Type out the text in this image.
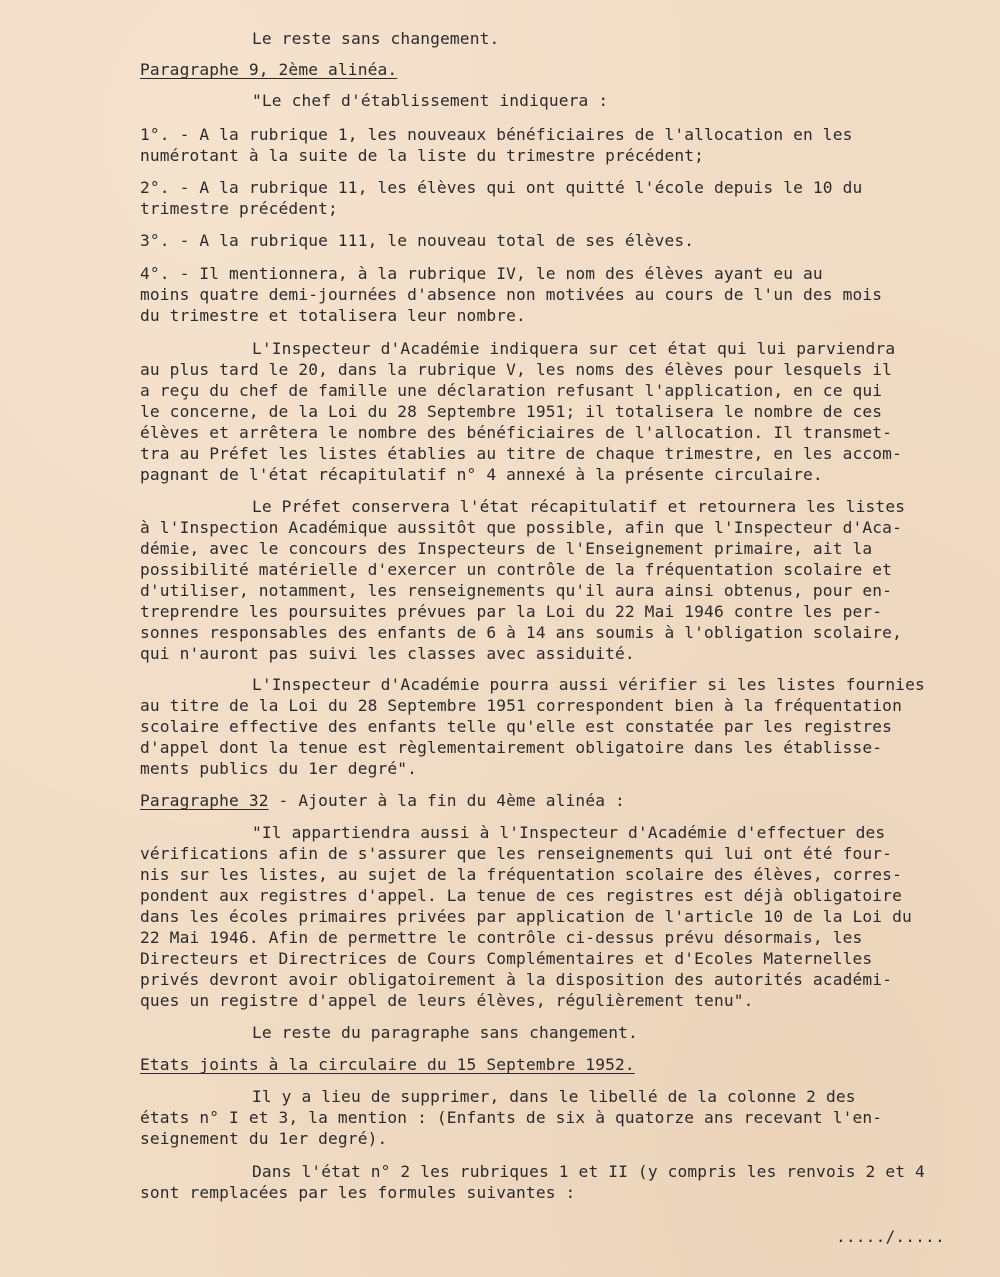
Le reste sans changement.
Paragraphe 9, 2ème alinéa.
"Le chef d'établissement indiquera :
1°. - A la rubrique 1, les nouveaux bénéficiaires de l'allocation en les
numérotant à la suite de la liste du trimestre précédent;
2°. - A la rubrique 11, les élèves qui ont quitté l'école depuis le 10 du
trimestre précédent;
3°. - A la rubrique 111, le nouveau total de ses élèves.
4°. - Il mentionnera, à la rubrique IV, le nom des élèves ayant eu au
moins quatre demi-journées d'absence non motivées au cours de l'un des mois
du trimestre et totalisera leur nombre.
L'Inspecteur d'Académie indiquera sur cet état qui lui parviendra
au plus tard le 20, dans la rubrique V, les noms des élèves pour lesquels il
a reçu du chef de famille une déclaration refusant l'application, en ce qui
le concerne, de la Loi du 28 Septembre 1951; il totalisera le nombre de ces
élèves et arrêtera le nombre des bénéficiaires de l'allocation. Il transmet-
tra au Préfet les listes établies au titre de chaque trimestre, en les accom-
pagnant de l'état récapitulatif n° 4 annexé à la présente circulaire.
Le Préfet conservera l'état récapitulatif et retournera les listes
à l'Inspection Académique aussitôt que possible, afin que l'Inspecteur d'Aca-
démie, avec le concours des Inspecteurs de l'Enseignement primaire, ait la
possibilité matérielle d'exercer un contrôle de la fréquentation scolaire et
d'utiliser, notamment, les renseignements qu'il aura ainsi obtenus, pour en-
treprendre les poursuites prévues par la Loi du 22 Mai 1946 contre les per-
sonnes responsables des enfants de 6 à 14 ans soumis à l'obligation scolaire,
qui n'auront pas suivi les classes avec assiduité.
L'Inspecteur d'Académie pourra aussi vérifier si les listes fournies
au titre de la Loi du 28 Septembre 1951 correspondent bien à la fréquentation
scolaire effective des enfants telle qu'elle est constatée par les registres
d'appel dont la tenue est règlementairement obligatoire dans les établisse-
ments publics du 1er degré".
Paragraphe 32 - Ajouter à la fin du 4ème alinéa :
"Il appartiendra aussi à l'Inspecteur d'Académie d'effectuer des
vérifications afin de s'assurer que les renseignements qui lui ont été four-
nis sur les listes, au sujet de la fréquentation scolaire des élèves, corres-
pondent aux registres d'appel. La tenue de ces registres est déjà obligatoire
dans les écoles primaires privées par application de l'article 10 de la Loi du
22 Mai 1946. Afin de permettre le contrôle ci-dessus prévu désormais, les
Directeurs et Directrices de Cours Complémentaires et d'Ecoles Maternelles
privés devront avoir obligatoirement à la disposition des autorités académi-
ques un registre d'appel de leurs élèves, régulièrement tenu".
Le reste du paragraphe sans changement.
Etats joints à la circulaire du 15 Septembre 1952.
Il y a lieu de supprimer, dans le libellé de la colonne 2 des
états n° I et 3, la mention : (Enfants de six à quatorze ans recevant l'en-
seignement du 1er degré).
Dans l'état n° 2 les rubriques 1 et II (y compris les renvois 2 et 4
sont remplacées par les formules suivantes :
...../.....
